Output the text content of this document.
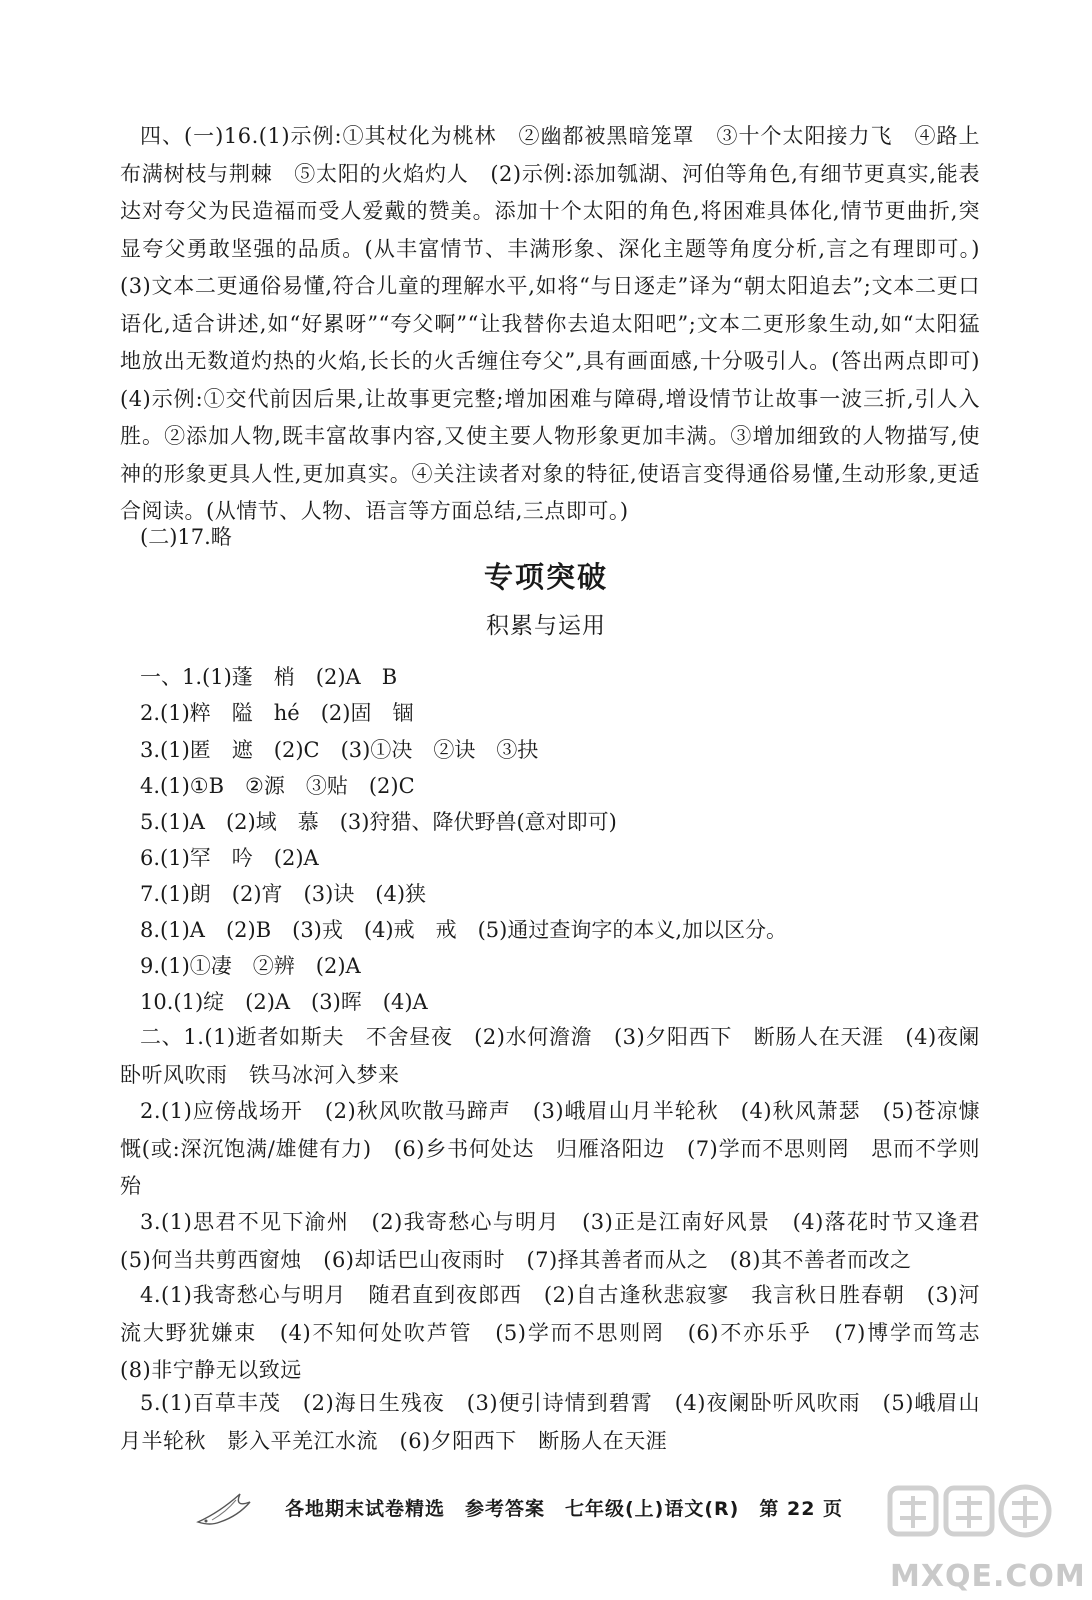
四、(一)16.(1)示例:①其杖化为桃林　②幽都被黑暗笼罩　③十个太阳接力飞　④路上布满树枝与荆棘　⑤太阳的火焰灼人　(2)示例:添加瓠湖、河伯等角色,有细节更真实,能表达对夸父为民造福而受人爱戴的赞美。添加十个太阳的角色,将困难具体化,情节更曲折,突显夸父勇敢坚强的品质。(从丰富情节、丰满形象、深化主题等角度分析,言之有理即可。)　(3)文本二更通俗易懂,符合儿童的理解水平,如将“与日逐走”译为“朝太阳追去”;文本二更口语化,适合讲述,如“好累呀”“夸父啊”“让我替你去追太阳吧”;文本二更形象生动,如“太阳猛地放出无数道灼热的火焰,长长的火舌缠住夸父”,具有画面感,十分吸引人。(答出两点即可)　(4)示例:①交代前因后果,让故事更完整;增加困难与障碍,增设情节让故事一波三折,引人入胜。②添加人物,既丰富故事内容,又使主要人物形象更加丰满。③增加细致的人物描写,使神的形象更具人性,更加真实。④关注读者对象的特征,使语言变得通俗易懂,生动形象,更适合阅读。(从情节、人物、语言等方面总结,三点即可。)
(二)17.略
专项突破
积累与运用
一、1.(1)蓬　梢　(2)A　B
2.(1)粹　隘　hé　(2)固　锢
3.(1)匿　遮　(2)C　(3)①决　②诀　③抉
4.(1)①B　②源　③贴　(2)C
5.(1)A　(2)域　慕　(3)狩猎、降伏野兽(意对即可)
6.(1)罕　吟　(2)A
7.(1)朗　(2)宵　(3)诀　(4)狭
8.(1)A　(2)B　(3)戎　(4)戒　戒　(5)通过查询字的本义,加以区分。
9.(1)①凄　②辨　(2)A
10.(1)绽　(2)A　(3)晖　(4)A
二、1.(1)逝者如斯夫　不舍昼夜　(2)水何澹澹　(3)夕阳西下　断肠人在天涯　(4)夜阑卧听风吹雨　铁马冰河入梦来
2.(1)应傍战场开　(2)秋风吹散马蹄声　(3)峨眉山月半轮秋　(4)秋风萧瑟　(5)苍凉慷慨(或:深沉饱满/雄健有力)　(6)乡书何处达　归雁洛阳边　(7)学而不思则罔　思而不学则殆
3.(1)思君不见下渝州　(2)我寄愁心与明月　(3)正是江南好风景　(4)落花时节又逢君　(5)何当共剪西窗烛　(6)却话巴山夜雨时　(7)择其善者而从之　(8)其不善者而改之
4.(1)我寄愁心与明月　随君直到夜郎西　(2)自古逢秋悲寂寥　我言秋日胜春朝　(3)河流大野犹嫌束　(4)不知何处吹芦管　(5)学而不思则罔　(6)不亦乐乎　(7)博学而笃志　(8)非宁静无以致远
5.(1)百草丰茂　(2)海日生残夜　(3)便引诗情到碧霄　(4)夜阑卧听风吹雨　(5)峨眉山月半轮秋　影入平羌江水流　(6)夕阳西下　断肠人在天涯
各地期末试卷精选　参考答案　七年级(上)语文(R)　第 22 页
MXQE.COM
